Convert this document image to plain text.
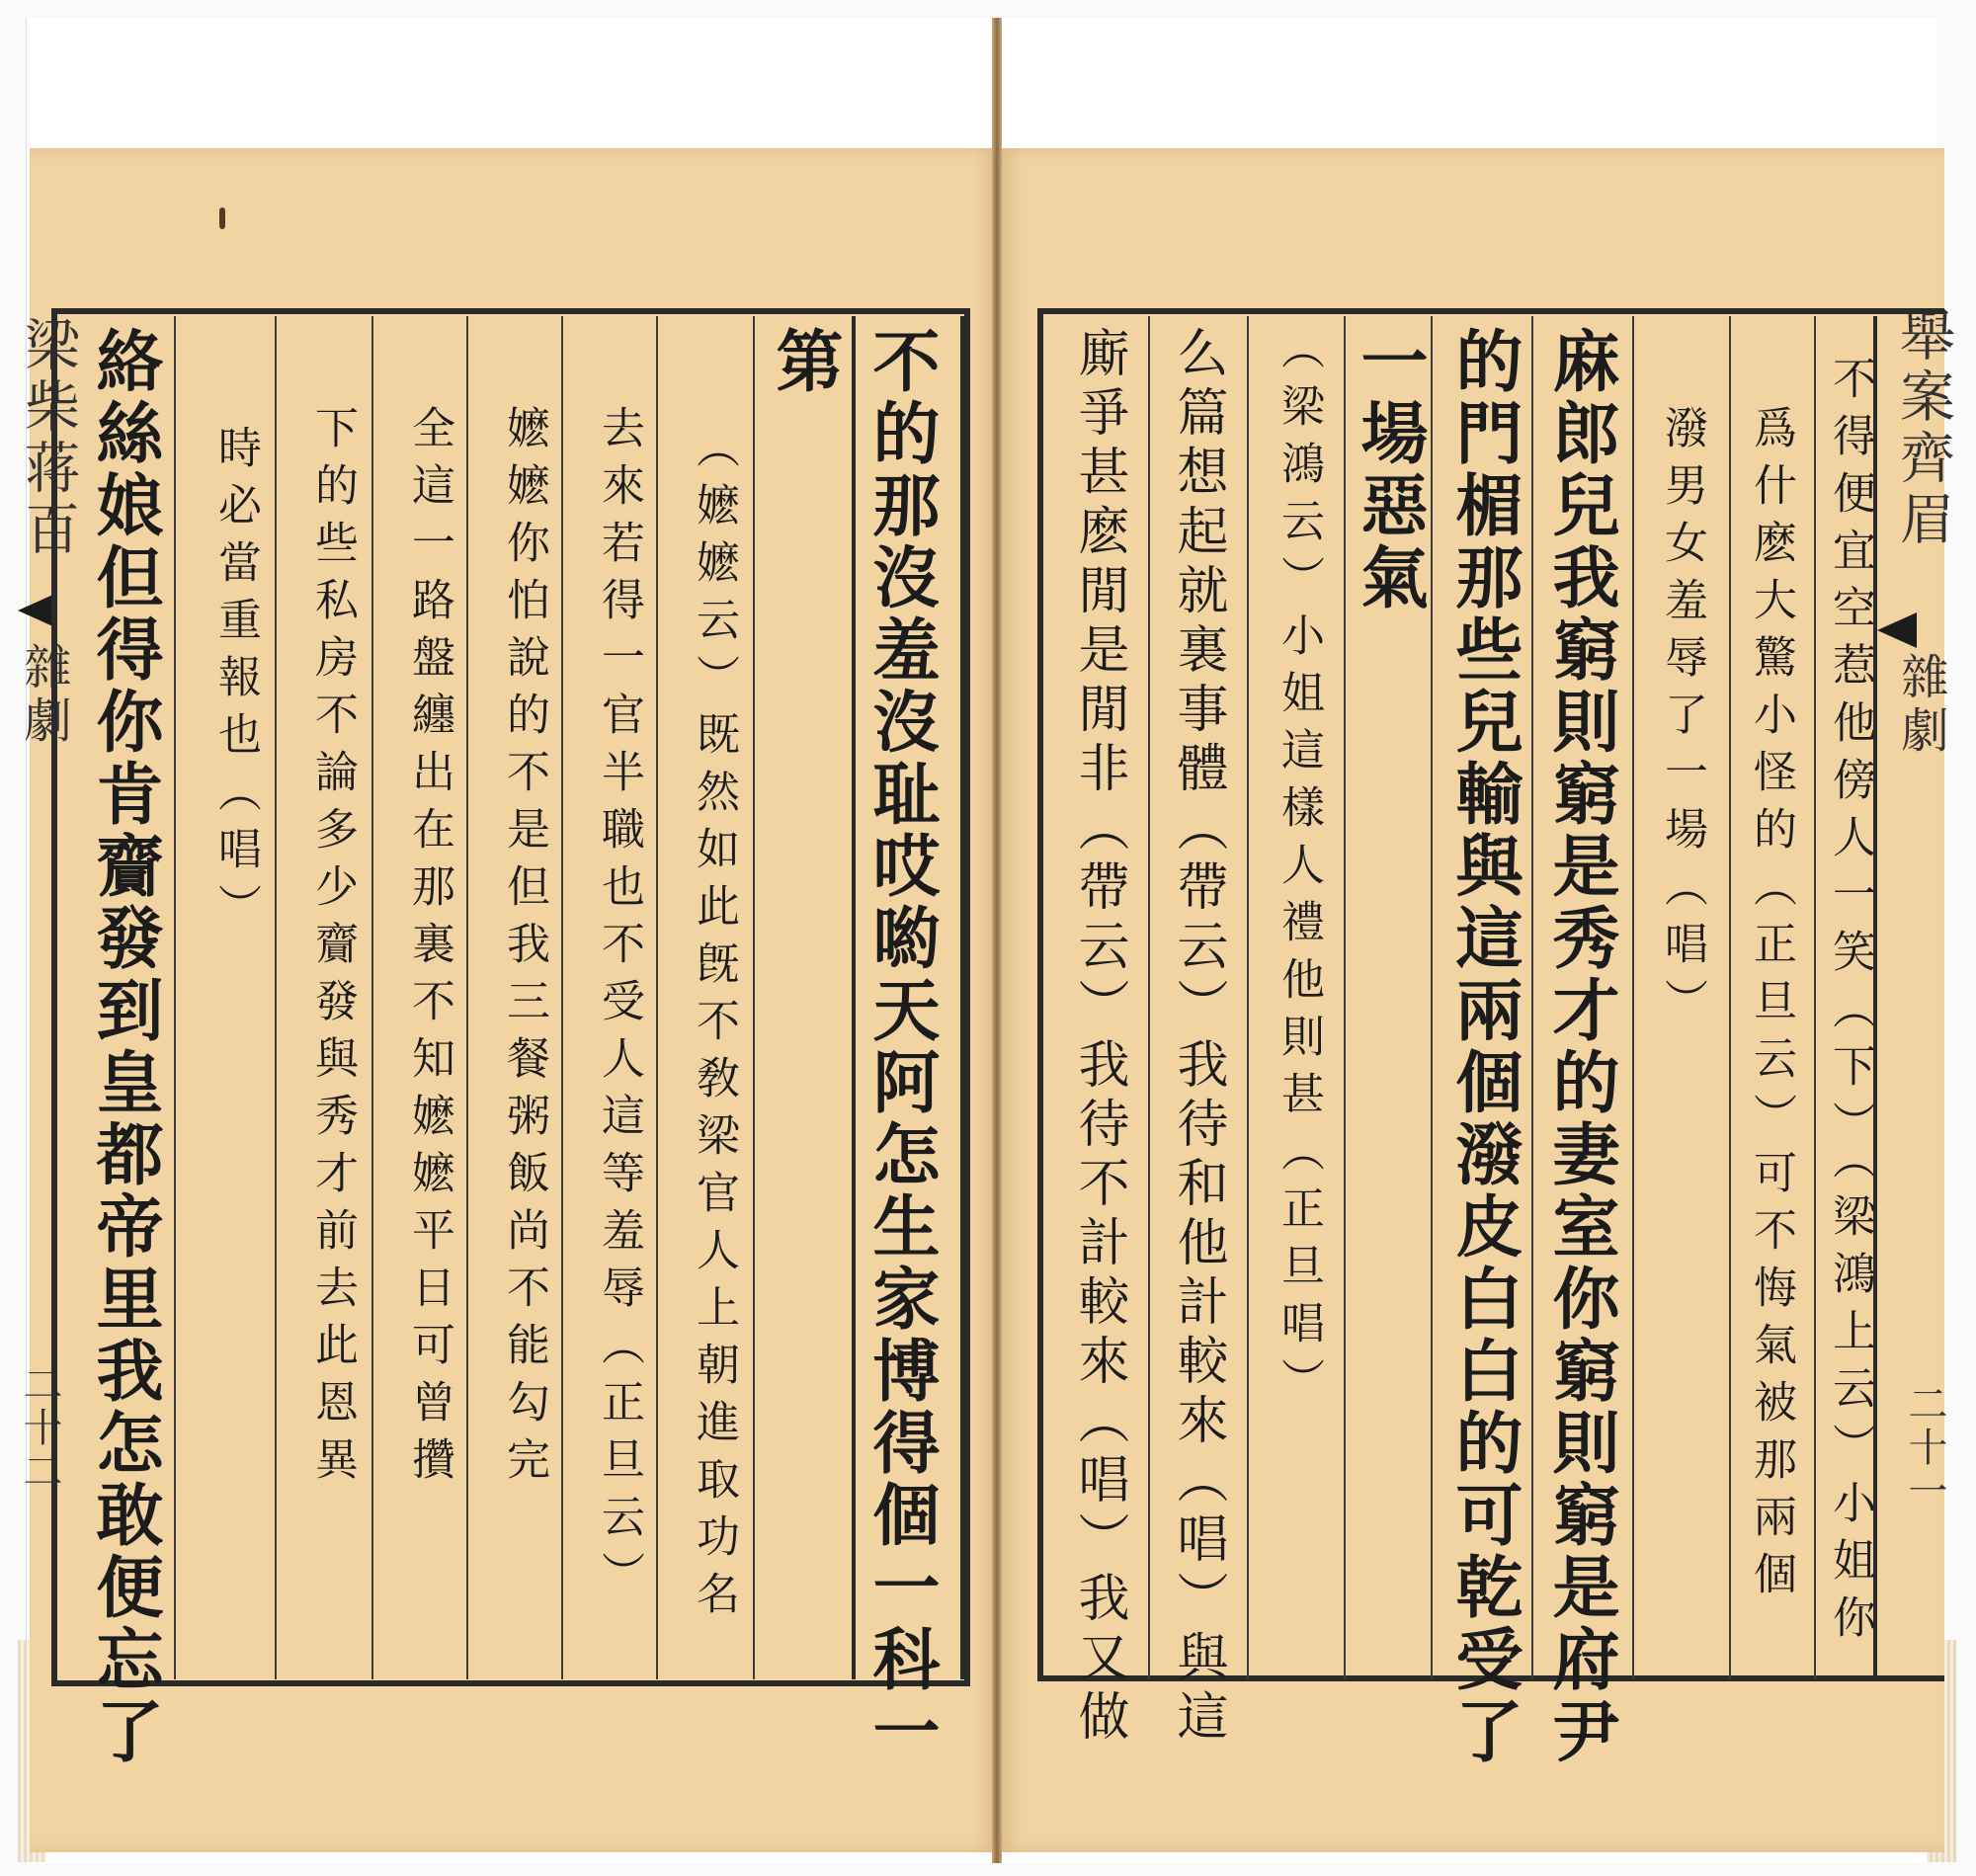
梁柴蒋百
雜劇
二十二	不的那沒羞沒耻哎喲天阿怎生家博得個一科一
第
（嬷嬷云）既然如此旣不敎梁官人上朝進取功名
去來若得一官半職也不受人這等羞辱（正旦云）
嬷嬷你怕說的不是但我三餐粥飯尚不能勾完
全這一路盤纏出在那裏不知嬷嬷平日可曾攢
下的些私房不論多少齎發與秀才前去此恩異
時必當重報也（唱）
絡絲娘但得你肯齎發到皇都帝里我怎敢便忘了	舉案齊眉
雜劇
二十一
不得便宜空惹他傍人一笑（下）（梁鴻上云）小姐你
爲什麽大驚小怪的（正旦云）可不悔氣被那兩個
潑男女羞辱了一場（唱）
麻郎兒我窮則窮是秀才的妻室你窮則窮是府尹
的門楣那些兒輸與這兩個潑皮白白的可乾受了
一場惡氣
（梁鴻云）小姐這樣人禮他則甚（正旦唱）
么篇想起就裏事體（帶云）我待和他計較來（唱）與這
廝爭甚麽閒是閒非（帶云）我待不計較來（唱）我又做
